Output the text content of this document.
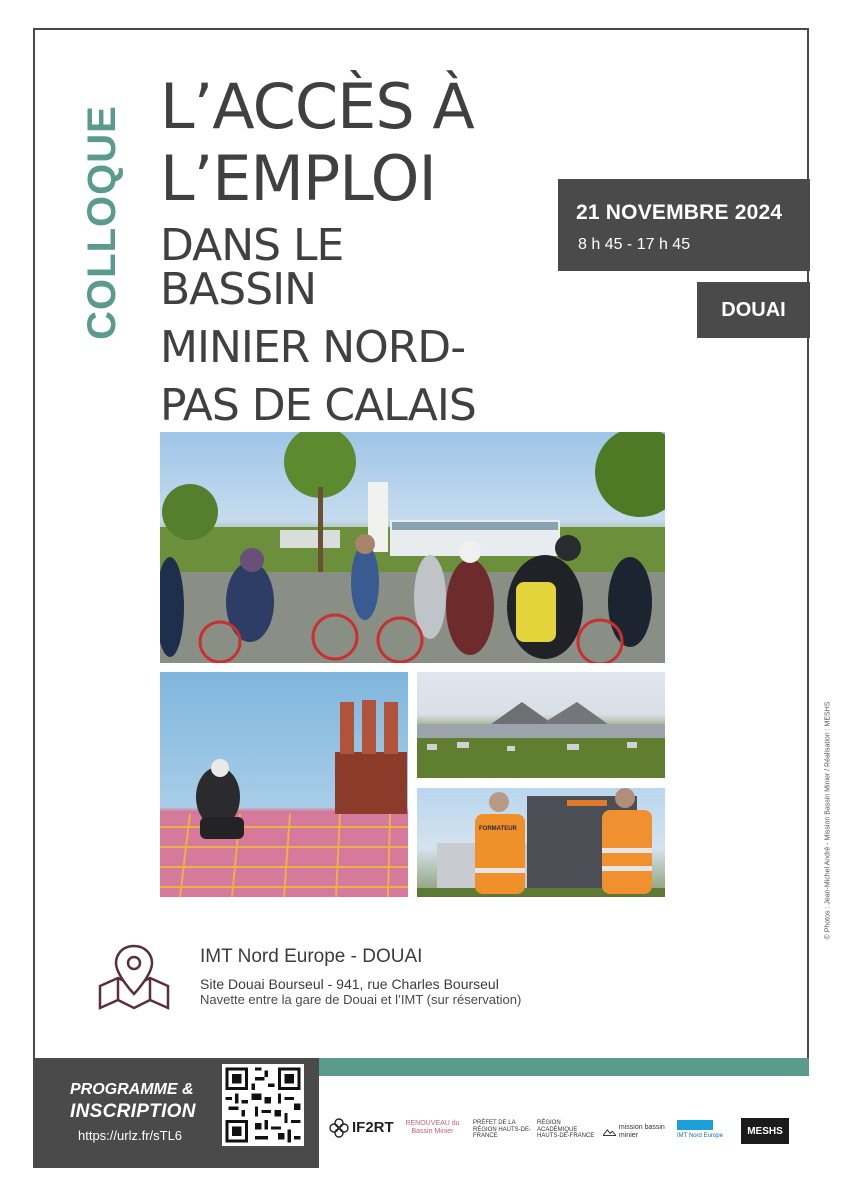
COLLOQUE L’ACCÈS À
L’EMPLOI
DANS LE BASSIN
MINIER NORD-
PAS DE CALAIS
21 NOVEMBRE 2024
8 h 45 - 17 h 45
DOUAI
FORMATEUR
IMT Nord Europe - DOUAI
Site Douai Bourseul - 941, rue Charles Bourseul
Navette entre la gare de Douai et l’IMT (sur réservation)
PROGRAMME &
INSCRIPTION
https://urlz.fr/sTL6	IF2RT RENOUVEAU du Bassin Minier
PRÉFET DE LA RÉGION HAUTS-DE-FRANCE
RÉGION ACADÉMIQUE HAUTS-DE-FRANCE
mission bassin minier	IMT Nord Europe	MESHS
© Photos : Jean-Michel André - Mission Bassin Minier / Réalisation : MESHS
